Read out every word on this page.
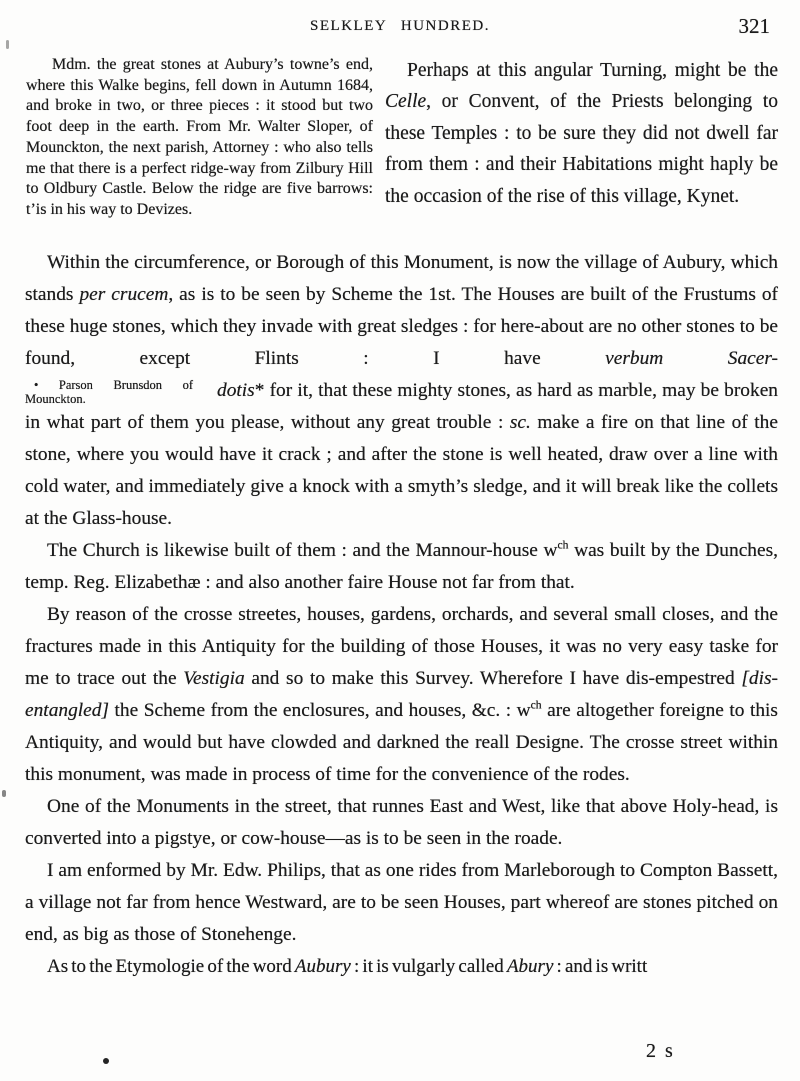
SELKLEY HUNDRED.	321
Mdm. the great stones at Aubury’s towne’s end, where this Walke begins, fell down in Autumn 1684, and broke in two, or three pieces : it stood but two foot deep in the earth. From Mr. Walter Sloper, of Mounckton, the next parish, Attorney : who also tells me that there is a perfect ridge-way from Zilbury Hill to Oldbury Castle. Below the ridge are five barrows: t’is in his way to Devizes.
Perhaps at this angular Turning, might be the Celle, or Convent, of the Priests belonging to these Temples : to be sure they did not dwell far from them : and their Habitations might haply be the occasion of the rise of this village, Kynet.

Within the circumference, or Borough of this Monument, is now the village of Aubury, which stands per crucem, as is to be seen by Scheme the 1st. The Houses are built of the Frustums of these huge stones, which they invade with great sledges : for here-about are no other stones to be found, except Flints : I have verbum Sacer-

• Parson Brunsdon of Mounckton.	dotis* for it, that these mighty stones, as hard as marble, may be broken in what part of them you please, without any great trouble : sc. make a fire on that line of the stone, where you would have it crack ; and after the stone is well heated, draw over a line with cold water, and immediately give a knock with a smyth’s sledge, and it will break like the collets at the Glass-house.

The Church is likewise built of them : and the Mannour-house $w^{ch}$ was built by the Dunches, temp. Reg. Elizabethæ : and also another faire House not far from that.

By reason of the crosse streetes, houses, gardens, orchards, and several small closes, and the fractures made in this Antiquity for the building of those Houses, it was no very easy taske for me to trace out the Vestigia and so to make this Survey. Wherefore I have dis-empestred [dis-entangled] the Scheme from the enclosures, and houses, &c. : $w^{ch}$ are altogether foreigne to this Antiquity, and would but have clowded and darkned the reall Designe. The crosse street within this monument, was made in process of time for the convenience of the rodes.

One of the Monuments in the street, that runnes East and West, like that above Holy-head, is converted into a pigstye, or cow-house—as is to be seen in the roade.

I am enformed by Mr. Edw. Philips, that as one rides from Marleborough to Compton Bassett, a village not far from hence Westward, are to be seen Houses, part whereof are stones pitched on end, as big as those of Stonehenge.

As to the Etymologie of the word Aubury : it is vulgarly called Abury : and is writt

2 s
